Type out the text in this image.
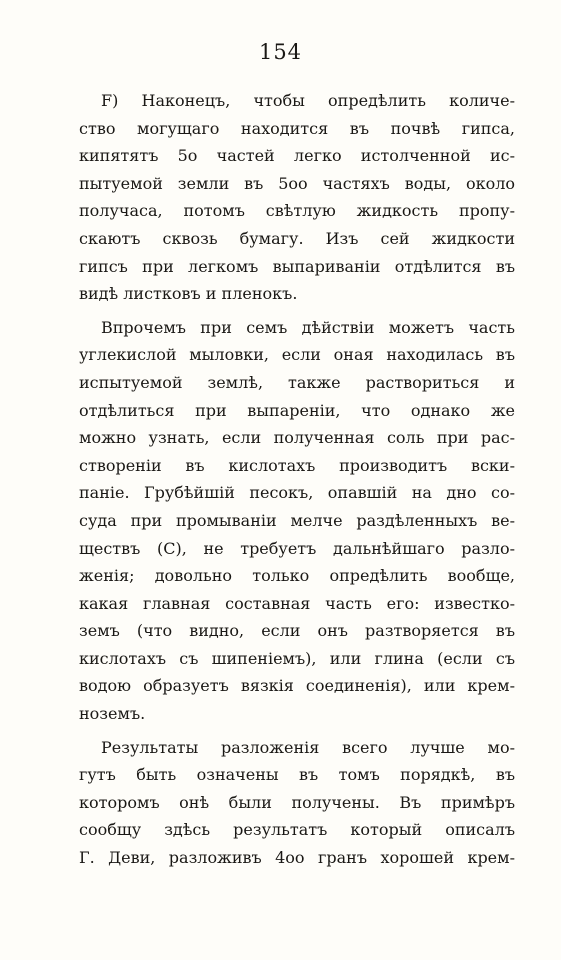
154
F) Наконецъ, чтобы опредѣлить количе-
ство могущаго находится въ почвѣ гипса,
кипятятъ 5о частей легко истолченной ис-
пытуемой земли въ 5оо частяхъ воды, около
получаса, потомъ свѣтлую жидкость пропу-
скаютъ сквозь бумагу. Изъ сей жидкости
гипсъ при легкомъ выпариваніи отдѣлится въ
видѣ листковъ и пленокъ.
Впрочемъ при семъ дѣйствіи можетъ часть
углекислой мыловки, если оная находилась въ
испытуемой землѣ, также раствориться и
отдѣлиться при выпареніи, что однако же
можно узнать, если полученная соль при рас-
створеніи въ кислотахъ производитъ вски-
паніе. Грубѣйшій песокъ, опавшій на дно со-
суда при промываніи мелче раздѣленныхъ ве-
ществъ (C), не требуетъ дальнѣйшаго разло-
женія; довольно только опредѣлить вообще,
какая главная составная часть его: известко-
земъ (что видно, если онъ разтворяется въ
кислотахъ съ шипеніемъ), или глина (если съ
водою образуетъ вязкія соединенія), или крем-
ноземъ.
Результаты разложенія всего лучше мо-
гутъ быть означены въ томъ порядкѣ, въ
которомъ онѣ были получены. Въ примѣръ
сообщу здѣсь результатъ который описалъ
Г. Деви, разложивъ 4оо гранъ хорошей крем-
